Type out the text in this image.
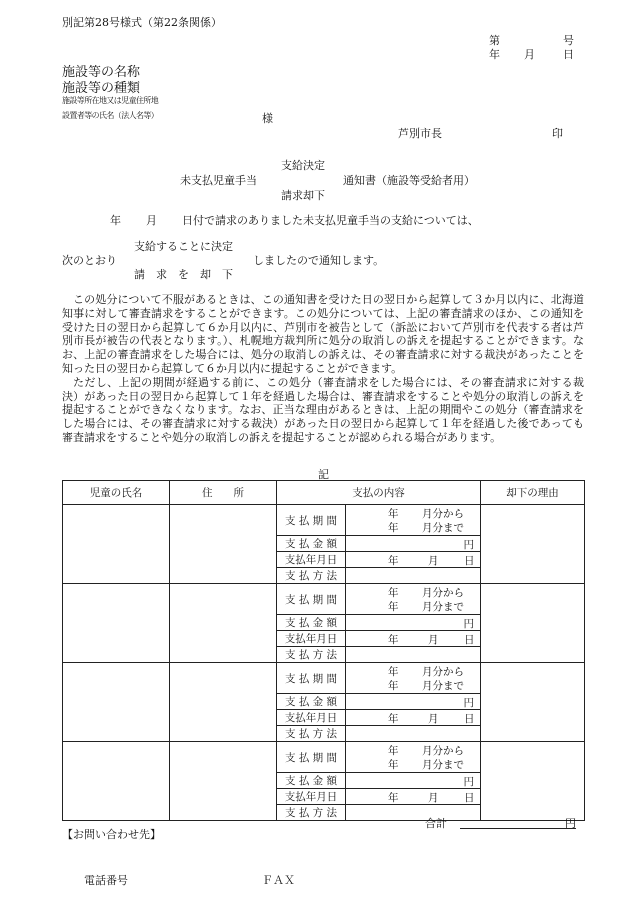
別記第28号様式（第22条関係）
第	号
年 月	日
施設等の名称
施設等の種類
施設等所在地又は児童住所地
設置者等の氏名（法人名等）	様
芦別市長	印
支給決定
未支払児童手当	通知書（施設等受給者用）
請求却下
年 月 日付で請求のありました未支払児童手当の支給については、
支給することに決定
次のとおり	しましたので通知します。
請　求　を　却　下

この処分について不服があるときは、この通知書を受けた日の翌日から起算して３か月以内に、北海道知事に対して審査請求をすることができます。この処分については、上記の審査請求のほか、この通知を受けた日の翌日から起算して６か月以内に、芦別市を被告として（訴訟において芦別市を代表する者は芦別市長が被告の代表となります。）、札幌地方裁判所に処分の取消しの訴えを提起することができます。なお、上記の審査請求をした場合には、処分の取消しの訴えは、その審査請求に対する裁決があったことを知った日の翌日から起算して６か月以内に提起することができます。

ただし、上記の期間が経過する前に、この処分（審査請求をした場合には、その審査請求に対する裁決）があった日の翌日から起算して１年を経過した場合は、審査請求をすることや処分の取消しの訴えを提起することができなくなります。なお、正当な理由があるときは、上記の期間やこの処分（審査請求をした場合には、その審査請求に対する裁決）があった日の翌日から起算して１年を経過した後であっても審査請求をすることや処分の取消しの訴えを提起することが認められる場合があります。

記
児童の氏名	住　　所	支払の内容		却下の理由
		支 払 期 間	年 月分から
年 月分まで	

		支 払 金 額	円	

		支払年月日	年 月 日	

		支 払 方 法		
		支 払 期 間	年 月分から
年 月分まで	

		支 払 金 額	円	

		支払年月日	年 月 日	

		支 払 方 法		
		支 払 期 間	年 月分から
年 月分まで	

		支 払 金 額	円	

		支払年月日	年 月 日	

		支 払 方 法		
		支 払 期 間	年 月分から
年 月分まで	

		支 払 金 額	円	

		支払年月日	年 月 日	

		支 払 方 法		
合計	円
【お問い合わせ先】
電話番号	ＦＡＸ
